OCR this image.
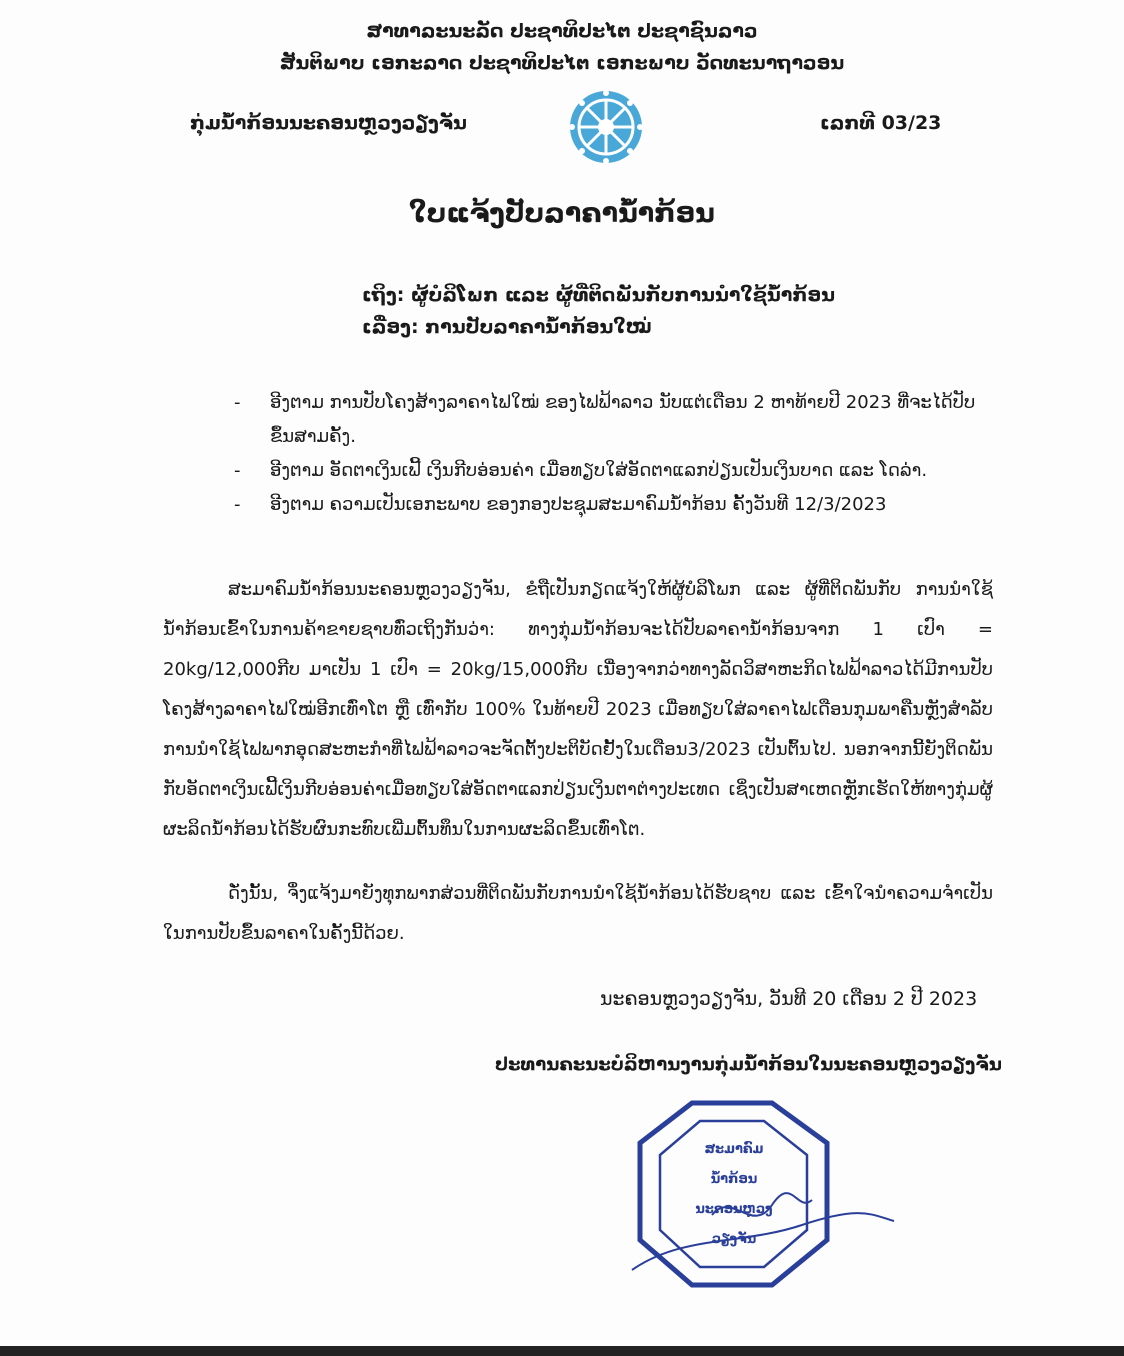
ສາທາລະນະລັດ ປະຊາທິປະໄຕ ປະຊາຊົນລາວ
ສັນຕິພາບ ເອກະລາດ ປະຊາທິປະໄຕ ເອກະພາບ ວັດທະນາຖາວອນ
ກຸ່ມນໍ້າກ້ອນນະຄອນຫຼວງວຽງຈັນ	ເລກທີ 03/23
ໃບແຈ້ງປັບລາຄານໍ້າກ້ອນ
ເຖິງ: ຜູ້ບໍລິໂພກ ແລະ ຜູ້ທີ່ຕິດພັນກັບການນຳໃຊ້ນໍ້າກ້ອນ
ເລື່ອງ: ການປັບລາຄານໍ້າກ້ອນໃໝ່
- ອີງຕາມ ການປັບໂຄງສ້າງລາຄາໄຟໃໝ່ ຂອງໄຟຟ້າລາວ ນັບແຕ່ເດືອນ 2 ຫາທ້າຍປີ 2023 ທີ່ຈະໄດ້ປັບຂຶ້ນສາມຄັ້ງ.
- ອີງຕາມ ອັດຕາເງິນເຟີ້ ເງິນກີບອ່ອນຄ່າ ເມື່ອທຽບໃສ່ອັດຕາແລກປ່ຽນເປັນເງິນບາດ ແລະ ໂດລ່າ.
- ອີງຕາມ ຄວາມເປັນເອກະພາບ ຂອງກອງປະຊຸມສະມາຄົມນໍ້າກ້ອນ ຄັ້ງວັນທີ 12/3/2023

ສະມາຄົມນໍ້າກ້ອນນະຄອນຫຼວງວຽງຈັນ, ຂໍຖືເປັນກຽດແຈ້ງໃຫ້ຜູ້ບໍລິໂພກ ແລະ ຜູ້ທີ່ຕິດພັນກັບ ການນຳໃຊ້ນໍ້າກ້ອນເຂົ້າໃນການຄ້າຂາຍຊາບທົ່ວເຖິງກັນວ່າ: ທາງກຸ່ມນໍ້າກ້ອນຈະໄດ້ປັບລາຄານໍ້າກ້ອນຈາກ 1 ເປົາ = 20kg/12,000ກີບ ມາເປັນ 1 ເປົາ = 20kg/15,000ກີບ ເນື່ອງຈາກວ່າທາງລັດວິສາຫະກິດໄຟຟ້າລາວໄດ້ມີການປັບໂຄງສ້າງລາຄາໄຟໃໝ່ອີກເທົ່າໂຕ ຫຼື ເທົ່າກັບ 100% ໃນທ້າຍປີ 2023 ເມື່ອທຽບໃສ່ລາຄາໄຟເດືອນກຸມພາຄືນຫຼັງສຳລັບການນຳໃຊ້ໄຟພາກອຸດສະຫະກຳທີ່ໄຟຟ້າລາວຈະຈັດຕັ້ງປະຕິບັດຢັ້ງໃນເດືອນ3/2023 ເປັນຕົ້ນໄປ. ນອກຈາກນີ້ຍັງຕິດພັນກັບອັດຕາເງິນເຟີ້ເງິນກີບອ່ອນຄ່າເມື່ອທຽບໃສ່ອັດຕາແລກປ່ຽນເງິນຕາຕ່າງປະເທດ ເຊິ່ງເປັນສາເຫດຫຼັກເຮັດໃຫ້ທາງກຸ່ມຜູ້ຜະລິດນໍ້າກ້ອນໄດ້ຮັບຜົນກະທົບເພີ່ມຕົ້ນທຶນໃນການຜະລິດຂຶ້ນເທົ່າໂຕ.

ດັ່ງນັ້ນ, ຈຶ່ງແຈ້ງມາຍັງທຸກພາກສ່ວນທີ່ຕິດພັນກັບການນຳໃຊ້ນໍ້າກ້ອນໄດ້ຮັບຊາບ ແລະ ເຂົ້າໃຈນຳຄວາມຈຳເປັນໃນການປັບຂຶ້ນລາຄາໃນຄັ້ງນີ້ດ້ວຍ.

ນະຄອນຫຼວງວຽງຈັນ, ວັນທີ 20 ເດືອນ 2 ປີ 2023
ປະທານຄະນະບໍລິຫານງານກຸ່ມນໍ້າກ້ອນໃນນະຄອນຫຼວງວຽງຈັນ
ສະມາຄົມ
ນໍ້າກ້ອນ
ນະຄອນຫຼວງ
ວຽງຈັນ
